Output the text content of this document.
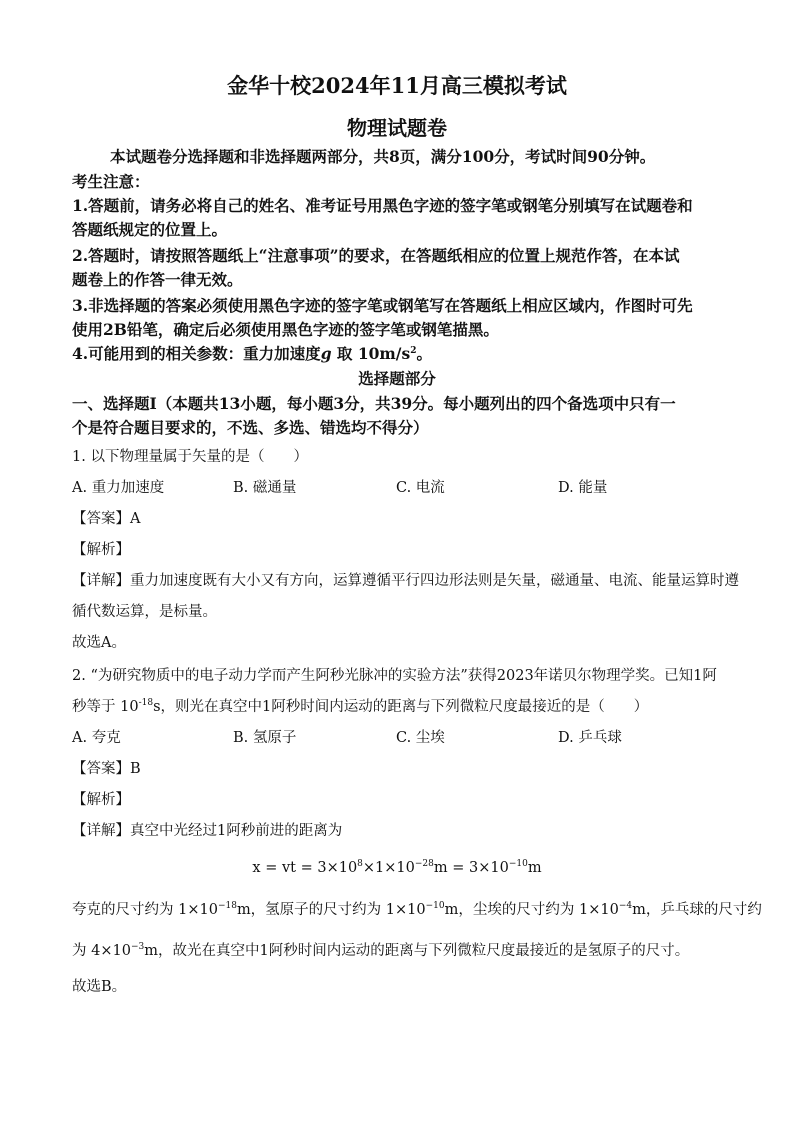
金华十校2024年11月高三模拟考试
物理试题卷
本试题卷分选择题和非选择题两部分，共8页，满分100分，考试时间90分钟。
考生注意：
1.答题前，请务必将自己的姓名、准考证号用黑色字迹的签字笔或钢笔分别填写在试题卷和
答题纸规定的位置上。
2.答题时，请按照答题纸上“注意事项”的要求，在答题纸相应的位置上规范作答，在本试
题卷上的作答一律无效。
3.非选择题的答案必须使用黑色字迹的签字笔或钢笔写在答题纸上相应区域内，作图时可先
使用2B铅笔，确定后必须使用黑色字迹的签字笔或钢笔描黑。
4.可能用到的相关参数：重力加速度g 取 $10m/s^2$。
选择题部分
一、选择题Ⅰ（本题共13小题，每小题3分，共39分。每小题列出的四个备选项中只有一
个是符合题目要求的，不选、多选、错选均不得分）
1. 以下物理量属于矢量的是（　　）
A. 重力加速度	B. 磁通量	C. 电流	D. 能量
【答案】A
【解析】
【详解】重力加速度既有大小又有方向，运算遵循平行四边形法则是矢量，磁通量、电流、能量运算时遵
循代数运算，是标量。
故选A。
2. “为研究物质中的电子动力学而产生阿秒光脉冲的实验方法”获得2023年诺贝尔物理学奖。已知1阿
秒等于 $10^{-18}s$，则光在真空中1阿秒时间内运动的距离与下列微粒尺度最接近的是（　　）
A. 夸克	B. 氢原子	C. 尘埃	D. 乒乓球
【答案】B
【解析】
【详解】真空中光经过1阿秒前进的距离为
x = vt = $3\times 10^8\times 1\times 10^{-28}m = 3\times 10^{-10}m$
夸克的尺寸约为 $1\times 10^{-18}m$，氢原子的尺寸约为 $1\times 10^{-10}m$，尘埃的尺寸约为 $1\times 10^{-4}m$，乒乓球的尺寸约
为 $4\times 10^{-3}m$，故光在真空中1阿秒时间内运动的距离与下列微粒尺度最接近的是氢原子的尺寸。
故选B。
